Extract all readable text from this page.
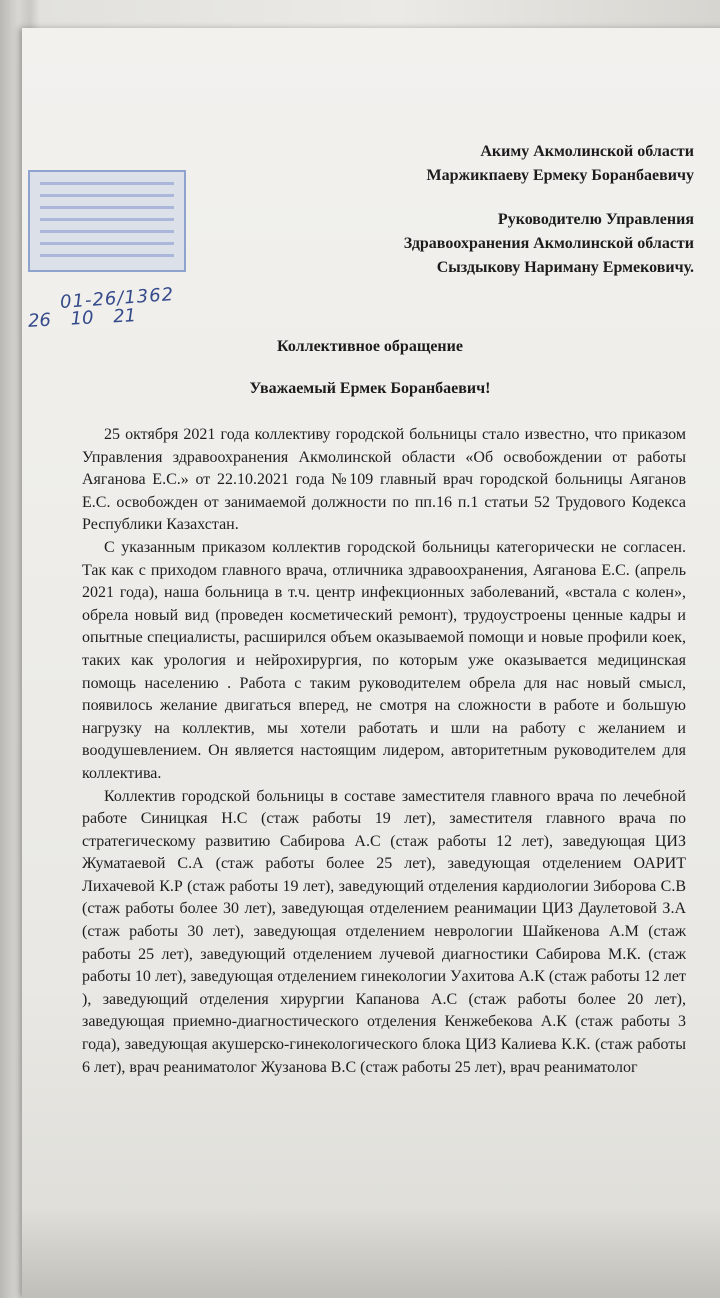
01-26/1362
26 10 21
Акиму Акмолинской области
Маржикпаеву Ермеку Боранбаевичу
Руководителю Управления
Здравоохранения Акмолинской области
Сыздыкову Нариману Ермековичу.
Коллективное обращение
Уважаемый Ермек Боранбаевич!

25 октября 2021 года коллективу городской больницы стало известно, что приказом Управления здравоохранения Акмолинской области «Об освобождении от работы Аяганова Е.С.» от 22.10.2021 года №109 главный врач городской больницы Аяганов Е.С. освобожден от занимаемой должности по пп.16 п.1 статьи 52 Трудового Кодекса Республики Казахстан.

С указанным приказом коллектив городской больницы категорически не согласен. Так как с приходом главного врача, отличника здравоохранения, Аяганова Е.С. (апрель 2021 года), наша больница в т.ч. центр инфекционных заболеваний, «встала с колен», обрела новый вид (проведен косметический ремонт), трудоустроены ценные кадры и опытные специалисты, расширился объем оказываемой помощи и новые профили коек, таких как урология и нейрохирургия, по которым уже оказывается медицинская помощь населению . Работа с таким руководителем обрела для нас новый смысл, появилось желание двигаться вперед, не смотря на сложности в работе и большую нагрузку на коллектив, мы хотели работать и шли на работу с желанием и воодушевлением. Он является настоящим лидером, авторитетным руководителем для коллектива.

Коллектив городской больницы в составе заместителя главного врача по лечебной работе Синицкая Н.С (стаж работы 19 лет), заместителя главного врача по стратегическому развитию Сабирова А.С (стаж работы 12 лет), заведующая ЦИЗ Жуматаевой С.А (стаж работы более 25 лет), заведующая отделением ОАРИТ Лихачевой К.Р (стаж работы 19 лет), заведующий отделения кардиологии Зиборова С.В (стаж работы более 30 лет), заведующая отделением реанимации ЦИЗ Даулетовой З.А (стаж работы 30 лет), заведующая отделением неврологии Шайкенова А.М (стаж работы 25 лет), заведующий отделением лучевой диагностики Сабирова М.К. (стаж работы 10 лет), заведующая отделением гинекологии Уахитова А.К (стаж работы 12 лет ), заведующий отделения хирургии Капанова А.С (стаж работы более 20 лет), заведующая приемно-диагностического отделения Кенжебекова А.К (стаж работы 3 года), заведующая акушерско-гинекологического блока ЦИЗ Калиева К.К. (стаж работы 6 лет), врач реаниматолог Жузанова В.С (стаж работы 25 лет), врач реаниматолог
